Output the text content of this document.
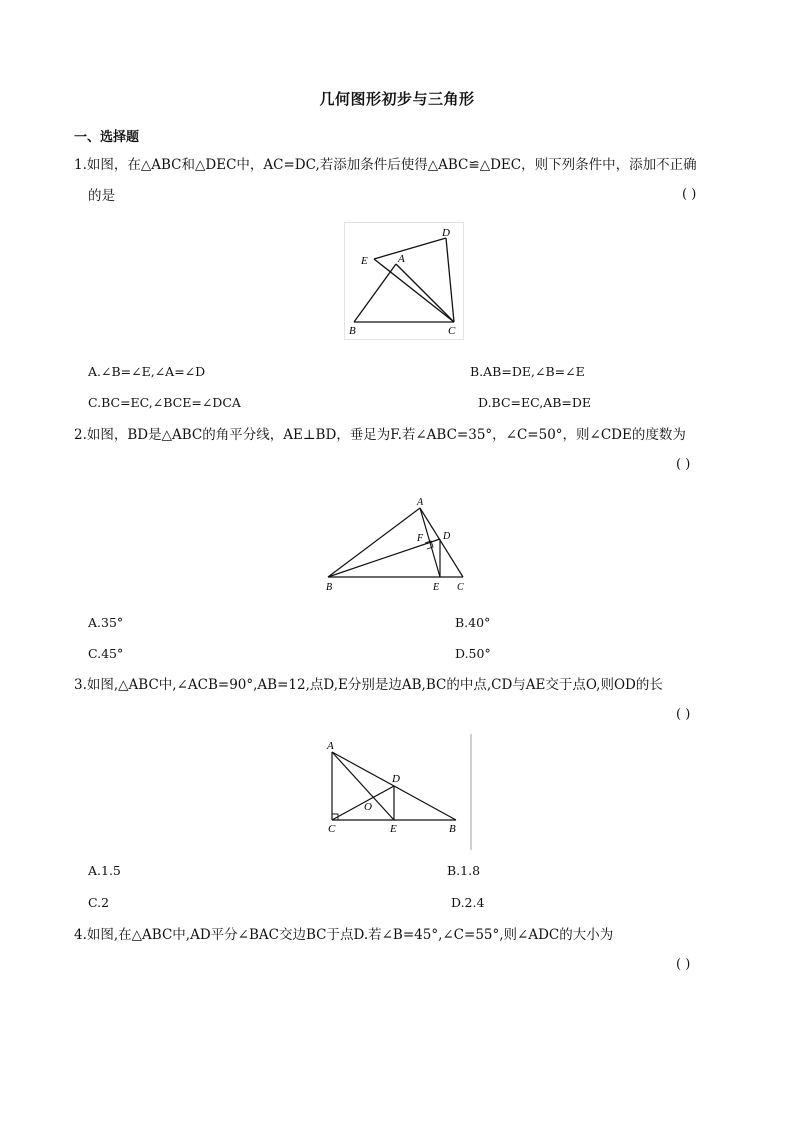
几何图形初步与三角形
一、选择题
1.如图，在△ABC和△DEC中，AC=DC,若添加条件后使得△ABC≌△DEC，则下列条件中，添加不正确
的是	( )
D
E	A
B	C
A.∠B=∠E,∠A=∠D	B.AB=DE,∠B=∠E
C.BC=EC,∠BCE=∠DCA	D.BC=EC,AB=DE
2.如图，BD是△ABC的角平分线，AE⊥BD，垂足为F.若∠ABC=35°，∠C=50°，则∠CDE的度数为
( )
A
F D
B	E C
A.35°	B.40°
C.45°	D.50°
3.如图,△ABC中,∠ACB=90°,AB=12,点D,E分别是边AB,BC的中点,CD与AE交于点O,则OD的长
( )
A
D
O
C	E	B
A.1.5	B.1.8
C.2	D.2.4
4.如图,在△ABC中,AD平分∠BAC交边BC于点D.若∠B=45°,∠C=55°,则∠ADC的大小为
( )
